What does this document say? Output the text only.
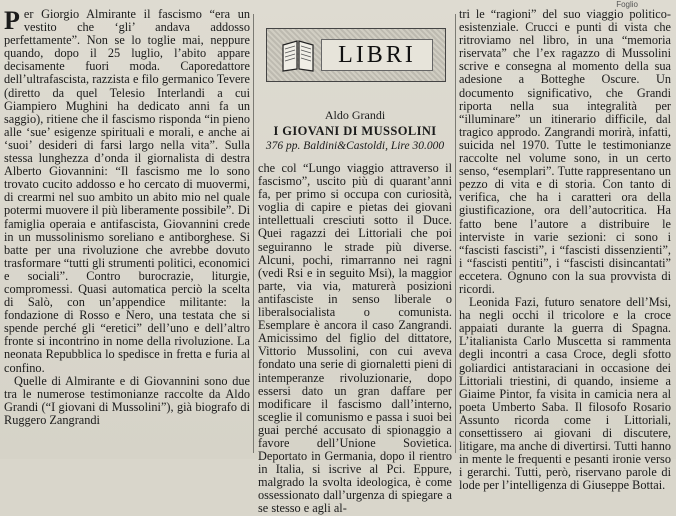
Foglio

Per Giorgio Almirante il fascismo “era un vestito che ‘gli’ andava addosso perfettamente”. Non se lo toglie mai, neppure quando, dopo il 25 luglio, l’abito appare decisamente fuori moda. Caporedattore dell’ultrafascista, razzista e filo germanico Tevere (diretto da quel Telesio Interlandi a cui Giampiero Mughini ha dedicato anni fa un saggio), ritiene che il fascismo risponda “in pieno alle ‘sue’ esigenze spirituali e morali, e anche ai ‘suoi’ desideri di farsi largo nella vita”. Sulla stessa lunghezza d’onda il giornalista di destra Alberto Giovannini: “Il fascismo me lo sono trovato cucito addosso e ho cercato di muovermi, di crearmi nel suo ambito un abito mio nel quale potermi muovere il più liberamente possibile”. Di famiglia operaia e antifascista, Giovannini crede in un mussolinismo soreliano e antiborghese. Si batte per una rivoluzione che avrebbe dovuto trasformare “tutti gli strumenti politici, economici e sociali”. Contro burocrazie, liturgie, compromessi. Quasi automatica perciò la scelta di Salò, con un’appendice militante: la fondazione di Rosso e Nero, una testata che si spende perché gli “eretici” dell’uno e dell’altro fronte si incontrino in nome della rivoluzione. La neonata Repubblica lo spedisce in fretta e furia al confino.

Quelle di Almirante e di Giovannini sono due tra le numerose testimonianze raccolte da Aldo Grandi (“I giovani di Mussolini”), già biografo di Ruggero Zangrandi

LIBRI
Aldo Grandi
I GIOVANI DI MUSSOLINI
376 pp. Baldini&Castoldi, Lire 30.000

che col “Lungo viaggio attraverso il fascismo”, uscito più di quarant’anni fa, per primo si occupa con curiosità, voglia di capire e pietas dei giovani intellettuali cresciuti sotto il Duce. Quei ragazzi dei Littoriali che poi seguiranno le strade più diverse. Alcuni, pochi, rimarranno nei ragni (vedi Rsi e in seguito Msi), la maggior parte, via via, maturerà posizioni antifasciste in senso liberale o liberalsocialista o comunista. Esemplare è ancora il caso Zangrandi. Amicissimo del figlio del dittatore, Vittorio Mussolini, con cui aveva fondato una serie di giornaletti pieni di intemperanze rivoluzionarie, dopo essersi dato un gran daffare per modificare il fascismo dall’interno, sceglie il comunismo e passa i suoi bei guai perché accusato di spionaggio a favore dell’Unione Sovietica. Deportato in Germania, dopo il rientro in Italia, si iscrive al Pci. Eppure, malgrado la svolta ideologica, è come ossessionato dall’urgenza di spiegare a se stesso e agli al-

tri le “ragioni” del suo viaggio politico-esistenziale. Crucci e punti di vista che ritroviamo nel libro, in una “memoria riservata” che l’ex ragazzo di Mussolini scrive e consegna al momento della sua adesione a Botteghe Oscure. Un documento significativo, che Grandi riporta nella sua integralità per “illuminare” un itinerario difficile, dal tragico approdo. Zangrandi morirà, infatti, suicida nel 1970. Tutte le testimonianze raccolte nel volume sono, in un certo senso, “esemplari”. Tutte rappresentano un pezzo di vita e di storia. Con tanto di verifica, che ha i caratteri ora della giustificazione, ora dell’autocritica. Ha fatto bene l’autore a distribuire le interviste in varie sezioni: ci sono i “fascisti fascisti”, i “fascisti dissenzienti”, i “fascisti pentiti”, i “fascisti disincantati” eccetera. Ognuno con la sua provvista di ricordi.

Leonida Fazi, futuro senatore dell’Msi, ha negli occhi il tricolore e la croce appaiati durante la guerra di Spagna. L’italianista Carlo Muscetta si rammenta degli incontri a casa Croce, degli sfotto goliardici antistaraciani in occasione dei Littoriali triestini, di quando, insieme a Giaime Pintor, fa visita in camicia nera al poeta Umberto Saba. Il filosofo Rosario Assunto ricorda come i Littoriali, consettissero ai giovani di discutere, litigare, ma anche di divertirsi. Tutti hanno in mente le frequenti e pesanti ironie verso i gerarchi. Tutti, però, riservano parole di lode per l’intelligenza di Giuseppe Bottai.
